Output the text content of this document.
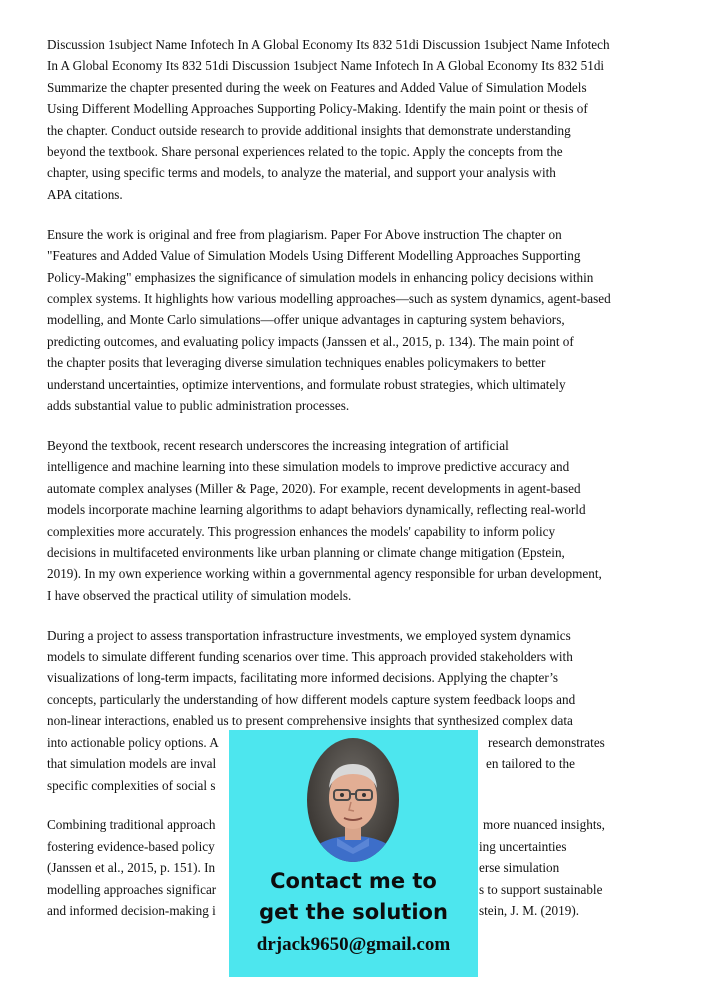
Discussion 1subject Name Infotech In A Global Economy Its 832 51di Discussion 1subject Name Infotech
In A Global Economy Its 832 51di Discussion 1subject Name Infotech In A Global Economy Its 832 51di
Summarize the chapter presented during the week on Features and Added Value of Simulation Models
Using Different Modelling Approaches Supporting Policy-Making. Identify the main point or thesis of
the chapter. Conduct outside research to provide additional insights that demonstrate understanding
beyond the textbook. Share personal experiences related to the topic. Apply the concepts from the
chapter, using specific terms and models, to analyze the material, and support your analysis with
APA citations.

Ensure the work is original and free from plagiarism. Paper For Above instruction The chapter on
"Features and Added Value of Simulation Models Using Different Modelling Approaches Supporting
Policy-Making" emphasizes the significance of simulation models in enhancing policy decisions within
complex systems. It highlights how various modelling approaches—such as system dynamics, agent-based
modelling, and Monte Carlo simulations—offer unique advantages in capturing system behaviors,
predicting outcomes, and evaluating policy impacts (Janssen et al., 2015, p. 134). The main point of
the chapter posits that leveraging diverse simulation techniques enables policymakers to better
understand uncertainties, optimize interventions, and formulate robust strategies, which ultimately
adds substantial value to public administration processes.

Beyond the textbook, recent research underscores the increasing integration of artificial
intelligence and machine learning into these simulation models to improve predictive accuracy and
automate complex analyses (Miller & Page, 2020). For example, recent developments in agent-based
models incorporate machine learning algorithms to adapt behaviors dynamically, reflecting real-world
complexities more accurately. This progression enhances the models' capability to inform policy
decisions in multifaceted environments like urban planning or climate change mitigation (Epstein,
2019). In my own experience working within a governmental agency responsible for urban development,
I have observed the practical utility of simulation models.

During a project to assess transportation infrastructure investments, we employed system dynamics
models to simulate different funding scenarios over time. This approach provided stakeholders with
visualizations of long-term impacts, facilitating more informed decisions. Applying the chapter’s
concepts, particularly the understanding of how different models capture system feedback loops and
non-linear interactions, enabled us to present comprehensive insights that synthesized complex data
into actionable policy options. A	research demonstrates
that simulation models are inval	en tailored to the
specific complexities of social s

Combining traditional approach	more nuanced insights,
fostering evidence-based policy	ing uncertainties
(Janssen et al., 2015, p. 151). In	erse simulation
modelling approaches significar	s to support sustainable
and informed decision-making i	stein, J. M. (2019).

Contact me to
get the solution
drjack9650@gmail.com
